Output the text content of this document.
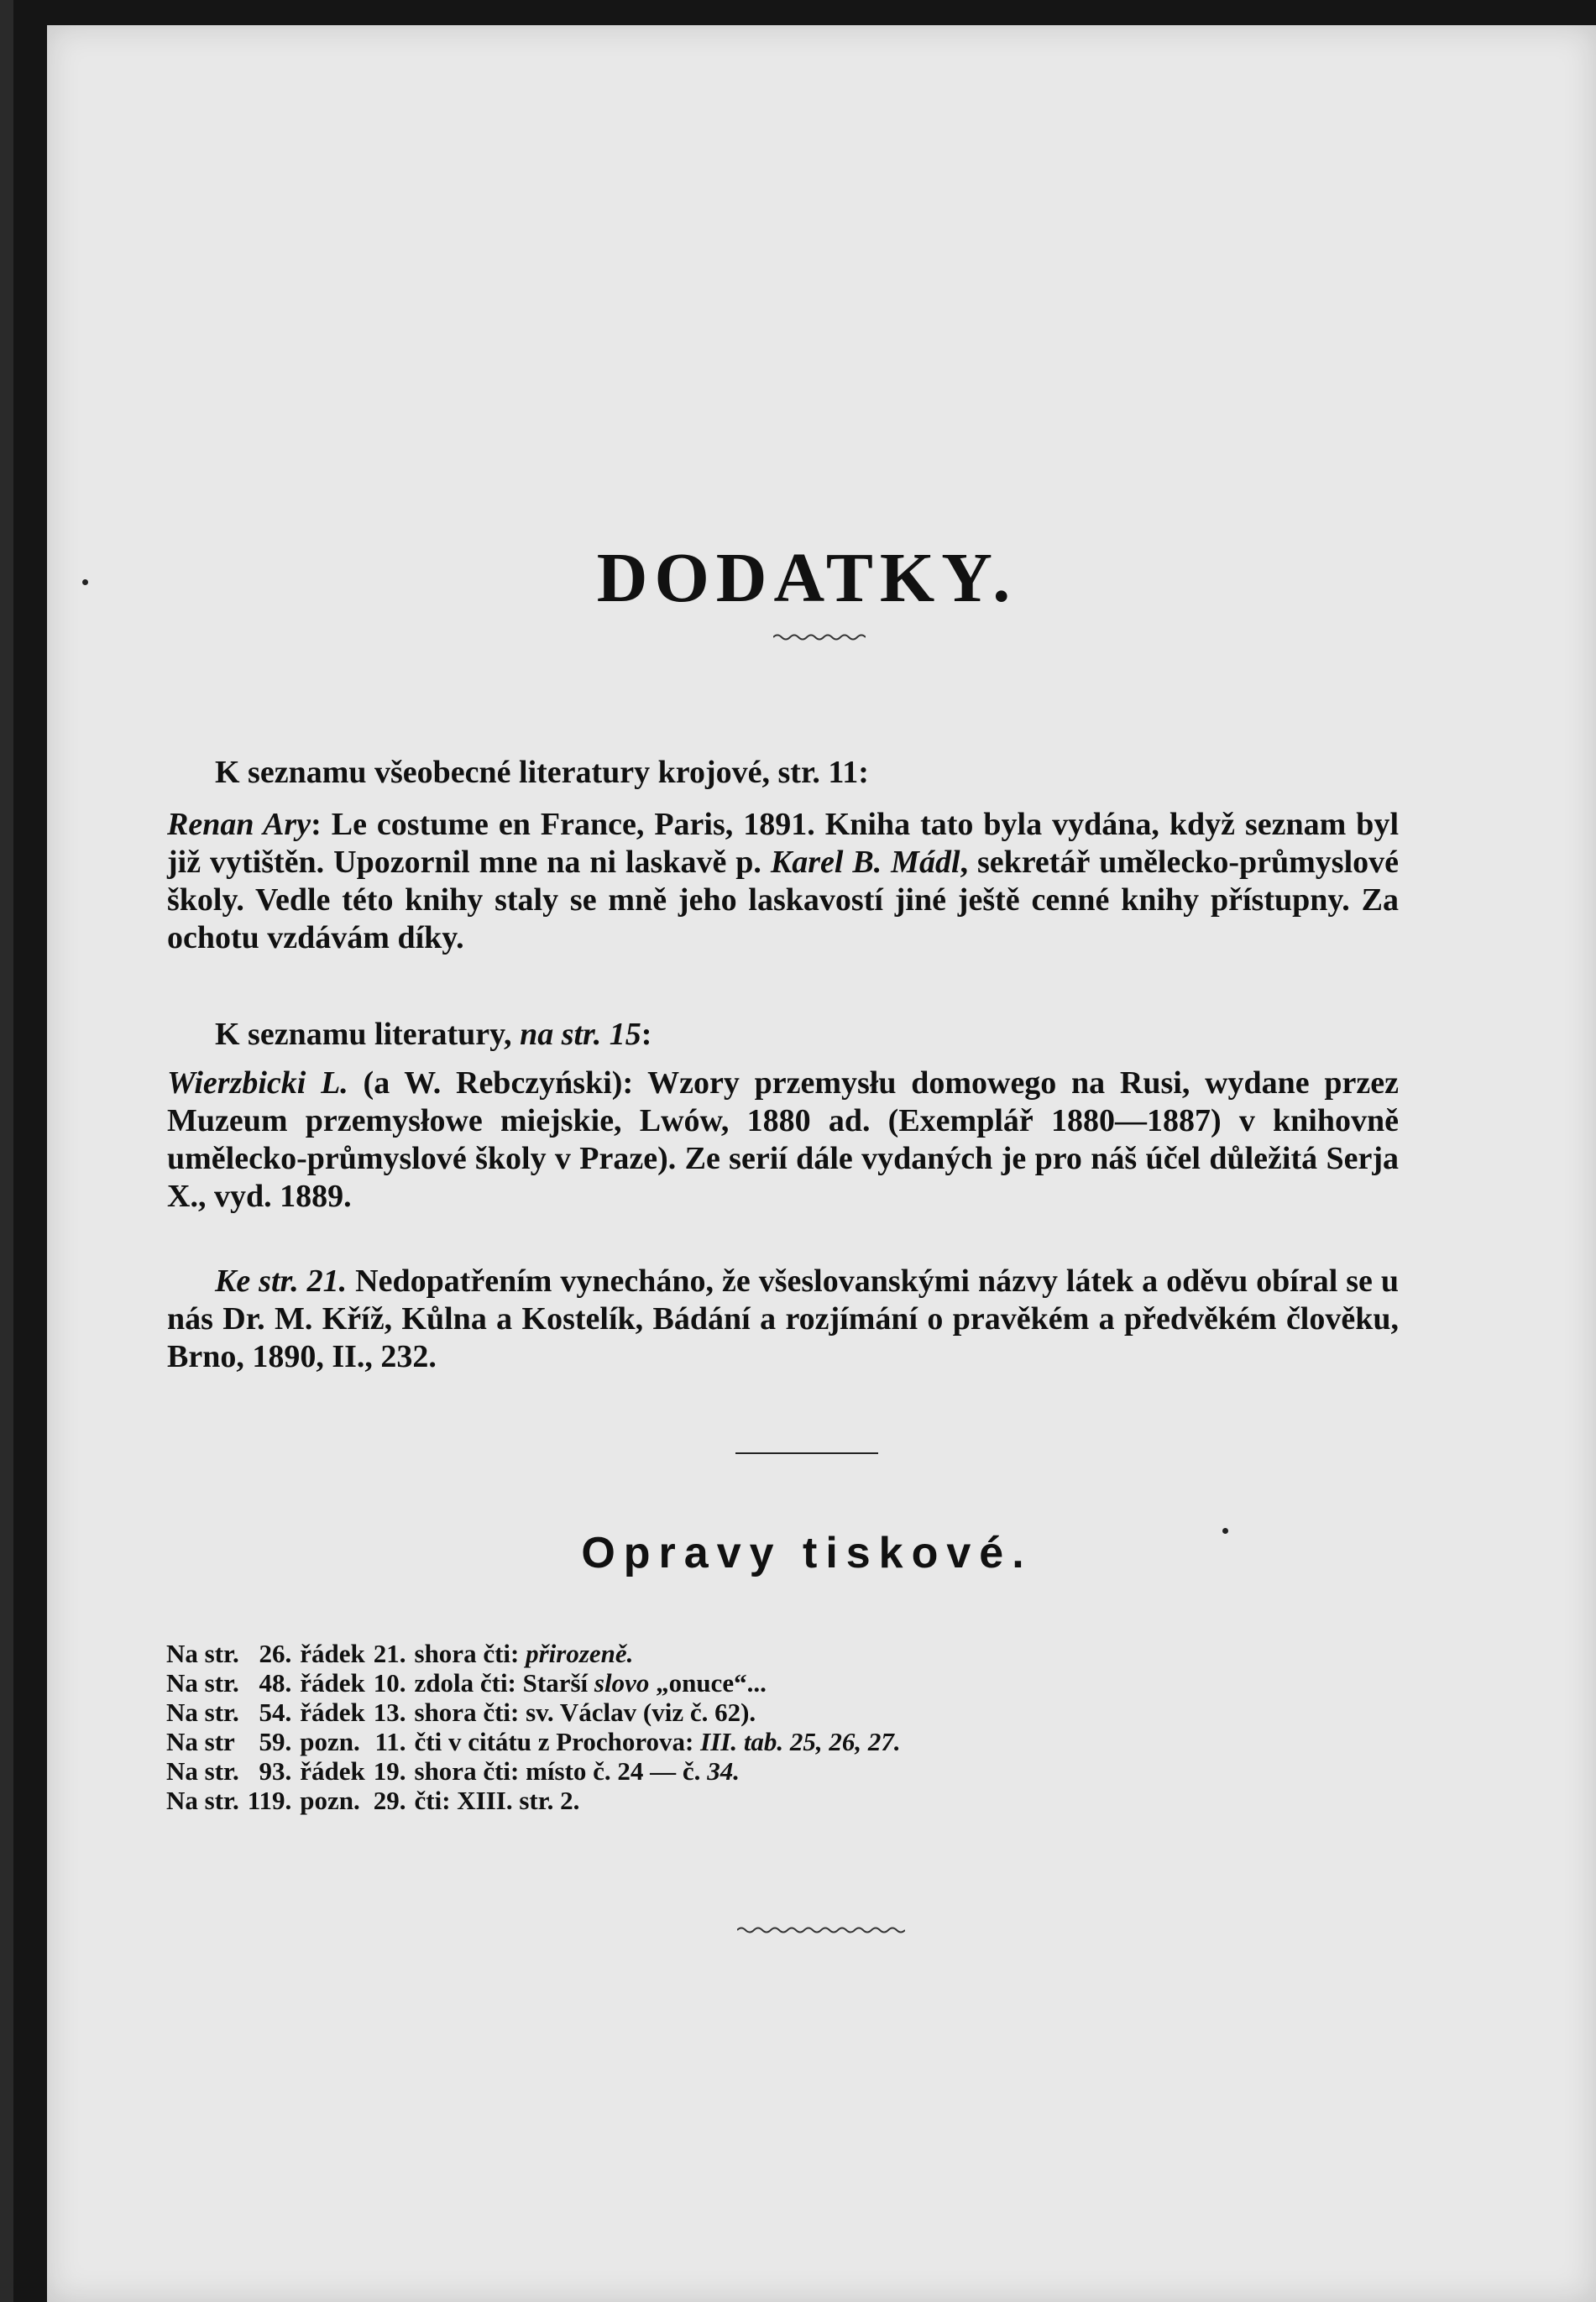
DODATKY.
K seznamu všeobecné literatury krojové, str. 11:
Renan Ary: Le costume en France, Paris, 1891. Kniha tato byla vydána, když seznam byl již vytištěn. Upozornil mne na ni laskavě p. Karel B. Mádl, sekretář umělecko-průmyslové školy. Vedle této knihy staly se mně jeho laskavostí jiné ještě cenné knihy přístupny. Za ochotu vzdávám díky.
K seznamu literatury, na str. 15:
Wierzbicki L. (a W. Rebczyński): Wzory przemysłu domowego na Rusi, wydane przez Muzeum przemysłowe miejskie, Lwów, 1880 ad. (Exemplář 1880—1887) v knihovně umělecko-průmyslové školy v Praze). Ze serií dále vydaných je pro náš účel důležitá Serja X., vyd. 1889.
Ke str. 21. Nedopatřením vynecháno, že všeslovanskými názvy látek a oděvu obíral se u nás Dr. M. Kříž, Kůlna a Kostelík, Bádání a rozjímání o pravěkém a předvěkém člověku, Brno, 1890, II., 232.
Opravy tiskové.
Na str.	26.	řádek	21.	shora čti: přirozeně.
Na str.	48.	řádek	10.	zdola čti: Starší slovo „onuce“...
Na str.	54.	řádek	13.	shora čti: sv. Václav (viz č. 62).
Na str	59.	pozn.	11.	čti v citátu z Prochorova: III. tab. 25, 26, 27.
Na str.	93.	řádek	19.	shora čti: místo č. 24 — č. 34.
Na str.	119.	pozn.	29.	čti: XIII. str. 2.
